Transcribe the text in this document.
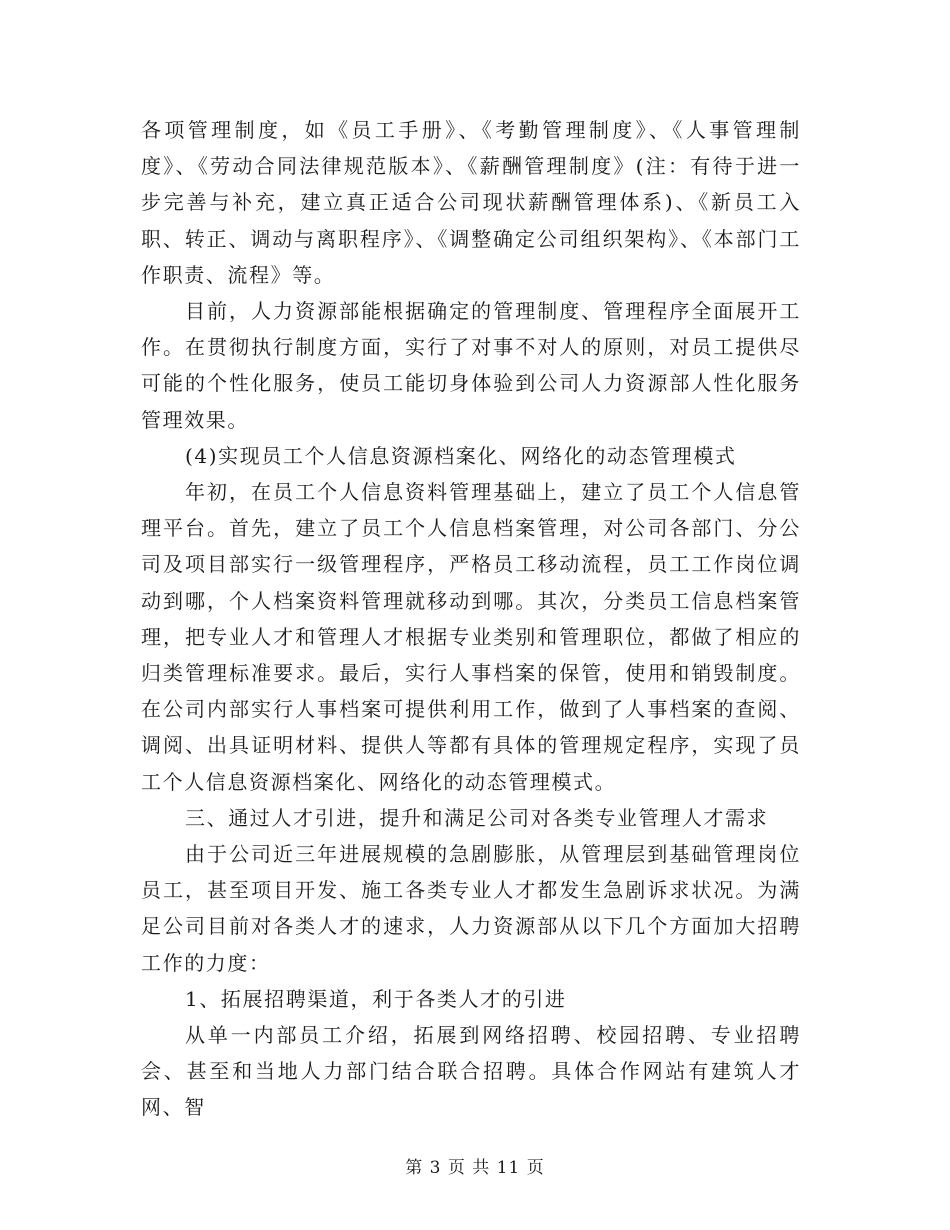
各项管理制度，如《员工手册》、《考勤管理制度》、《人事管理制度》、《劳动合同法律规范版本》、《薪酬管理制度》(注：有待于进一步完善与补充，建立真正适合公司现状薪酬管理体系)、《新员工入职、转正、调动与离职程序》、《调整确定公司组织架构》、《本部门工作职责、流程》等。

目前，人力资源部能根据确定的管理制度、管理程序全面展开工作。在贯彻执行制度方面，实行了对事不对人的原则，对员工提供尽可能的个性化服务，使员工能切身体验到公司人力资源部人性化服务管理效果。

(4)实现员工个人信息资源档案化、网络化的动态管理模式

年初，在员工个人信息资料管理基础上，建立了员工个人信息管理平台。首先，建立了员工个人信息档案管理，对公司各部门、分公司及项目部实行一级管理程序，严格员工移动流程，员工工作岗位调动到哪，个人档案资料管理就移动到哪。其次，分类员工信息档案管理，把专业人才和管理人才根据专业类别和管理职位，都做了相应的归类管理标准要求。最后，实行人事档案的保管，使用和销毁制度。在公司内部实行人事档案可提供利用工作，做到了人事档案的查阅、调阅、出具证明材料、提供人等都有具体的管理规定程序，实现了员工个人信息资源档案化、网络化的动态管理模式。

三、通过人才引进，提升和满足公司对各类专业管理人才需求

由于公司近三年进展规模的急剧膨胀，从管理层到基础管理岗位员工，甚至项目开发、施工各类专业人才都发生急剧诉求状况。为满足公司目前对各类人才的速求，人力资源部从以下几个方面加大招聘工作的力度：

1、拓展招聘渠道，利于各类人才的引进

从单一内部员工介绍，拓展到网络招聘、校园招聘、专业招聘会、甚至和当地人力部门结合联合招聘。具体合作网站有建筑人才网、智

第 3 页 共 11 页
